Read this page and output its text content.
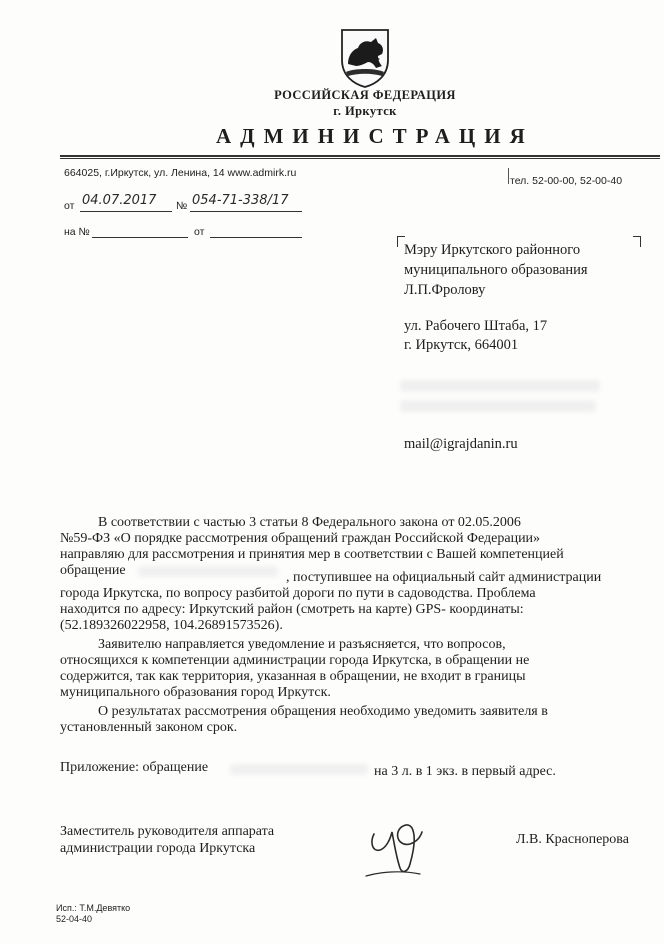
РОССИЙСКАЯ ФЕДЕРАЦИЯ
г. Иркутск
АДМИНИСТРАЦИЯ
664025, г.Иркутск, ул. Ленина, 14 www.admirk.ru
тел. 52-00-00, 52-00-40
от 04.07.2017 № 054-71-338/17
на №	от
Мэру Иркутского районного
муниципального образования
Л.П.Фролову
ул. Рабочего Штаба, 17
г. Иркутск, 664001
mail@igrajdanin.ru
В соответствии с частью 3 статьи 8 Федерального закона от 02.05.2006
№59-ФЗ «О порядке рассмотрения обращений граждан Российской Федерации»
направляю для рассмотрения и принятия мер в соответствии с Вашей компетенцией
обращение	, поступившее на официальный сайт администрации
города Иркутска, по вопросу разбитой дороги по пути в садоводства. Проблема
находится по адресу: Иркутский район (смотреть на карте) GPS- координаты:
(52.189326022958, 104.26891573526).
Заявителю направляется уведомление и разъясняется, что вопросов,
относящихся к компетенции администрации города Иркутска, в обращении не
содержится, так как территория, указанная в обращении, не входит в границы
муниципального образования город Иркутск.
О результатах рассмотрения обращения необходимо уведомить заявителя в
установленный законом срок.
Приложение: обращение	на 3 л. в 1 экз. в первый адрес.
Заместитель руководителя аппарата
администрации города Иркутска
Л.В. Красноперова
Исп.: Т.М.Девятко
52-04-40
